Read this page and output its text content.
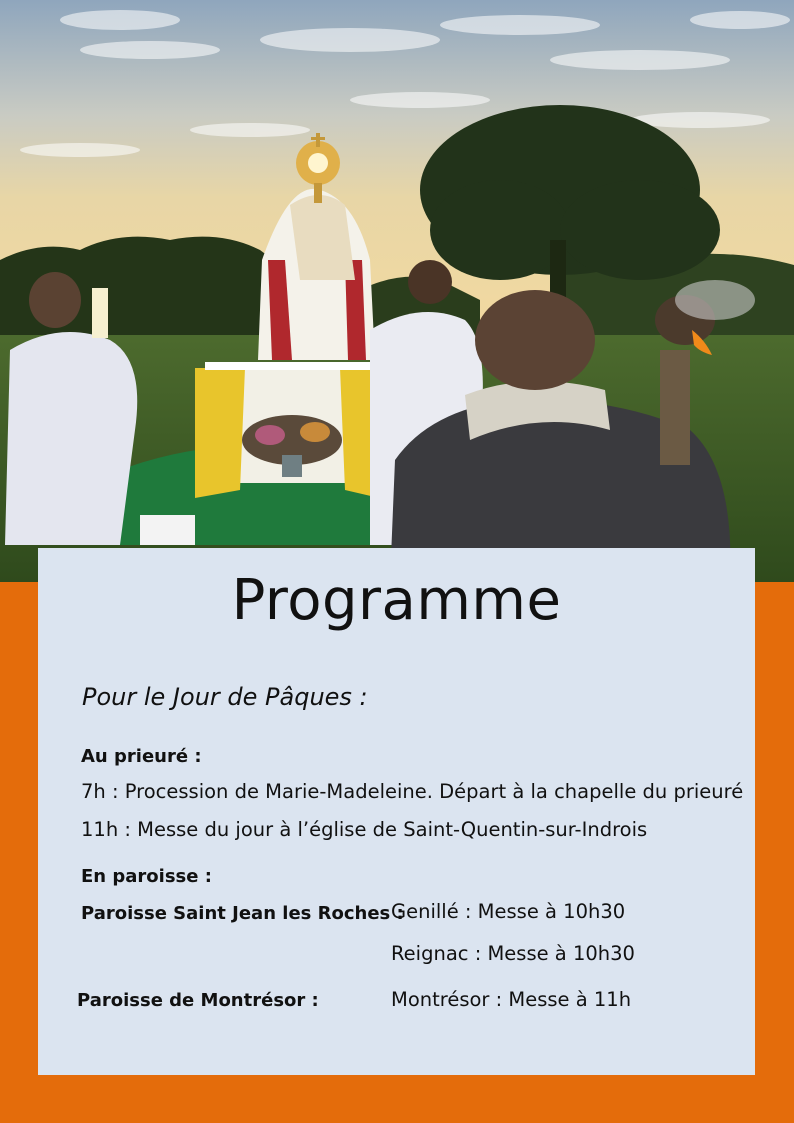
Programme
Pour le Jour de Pâques :
Au prieuré :
7h : Procession de Marie-Madeleine. Départ à la chapelle du prieuré
11h : Messe du jour à l’église de Saint-Quentin-sur-Indrois
En paroisse :
Paroisse Saint Jean les Roches :
Genillé : Messe à 10h30
Reignac : Messe à 10h30
Paroisse de Montrésor :	Montrésor : Messe à 11h
